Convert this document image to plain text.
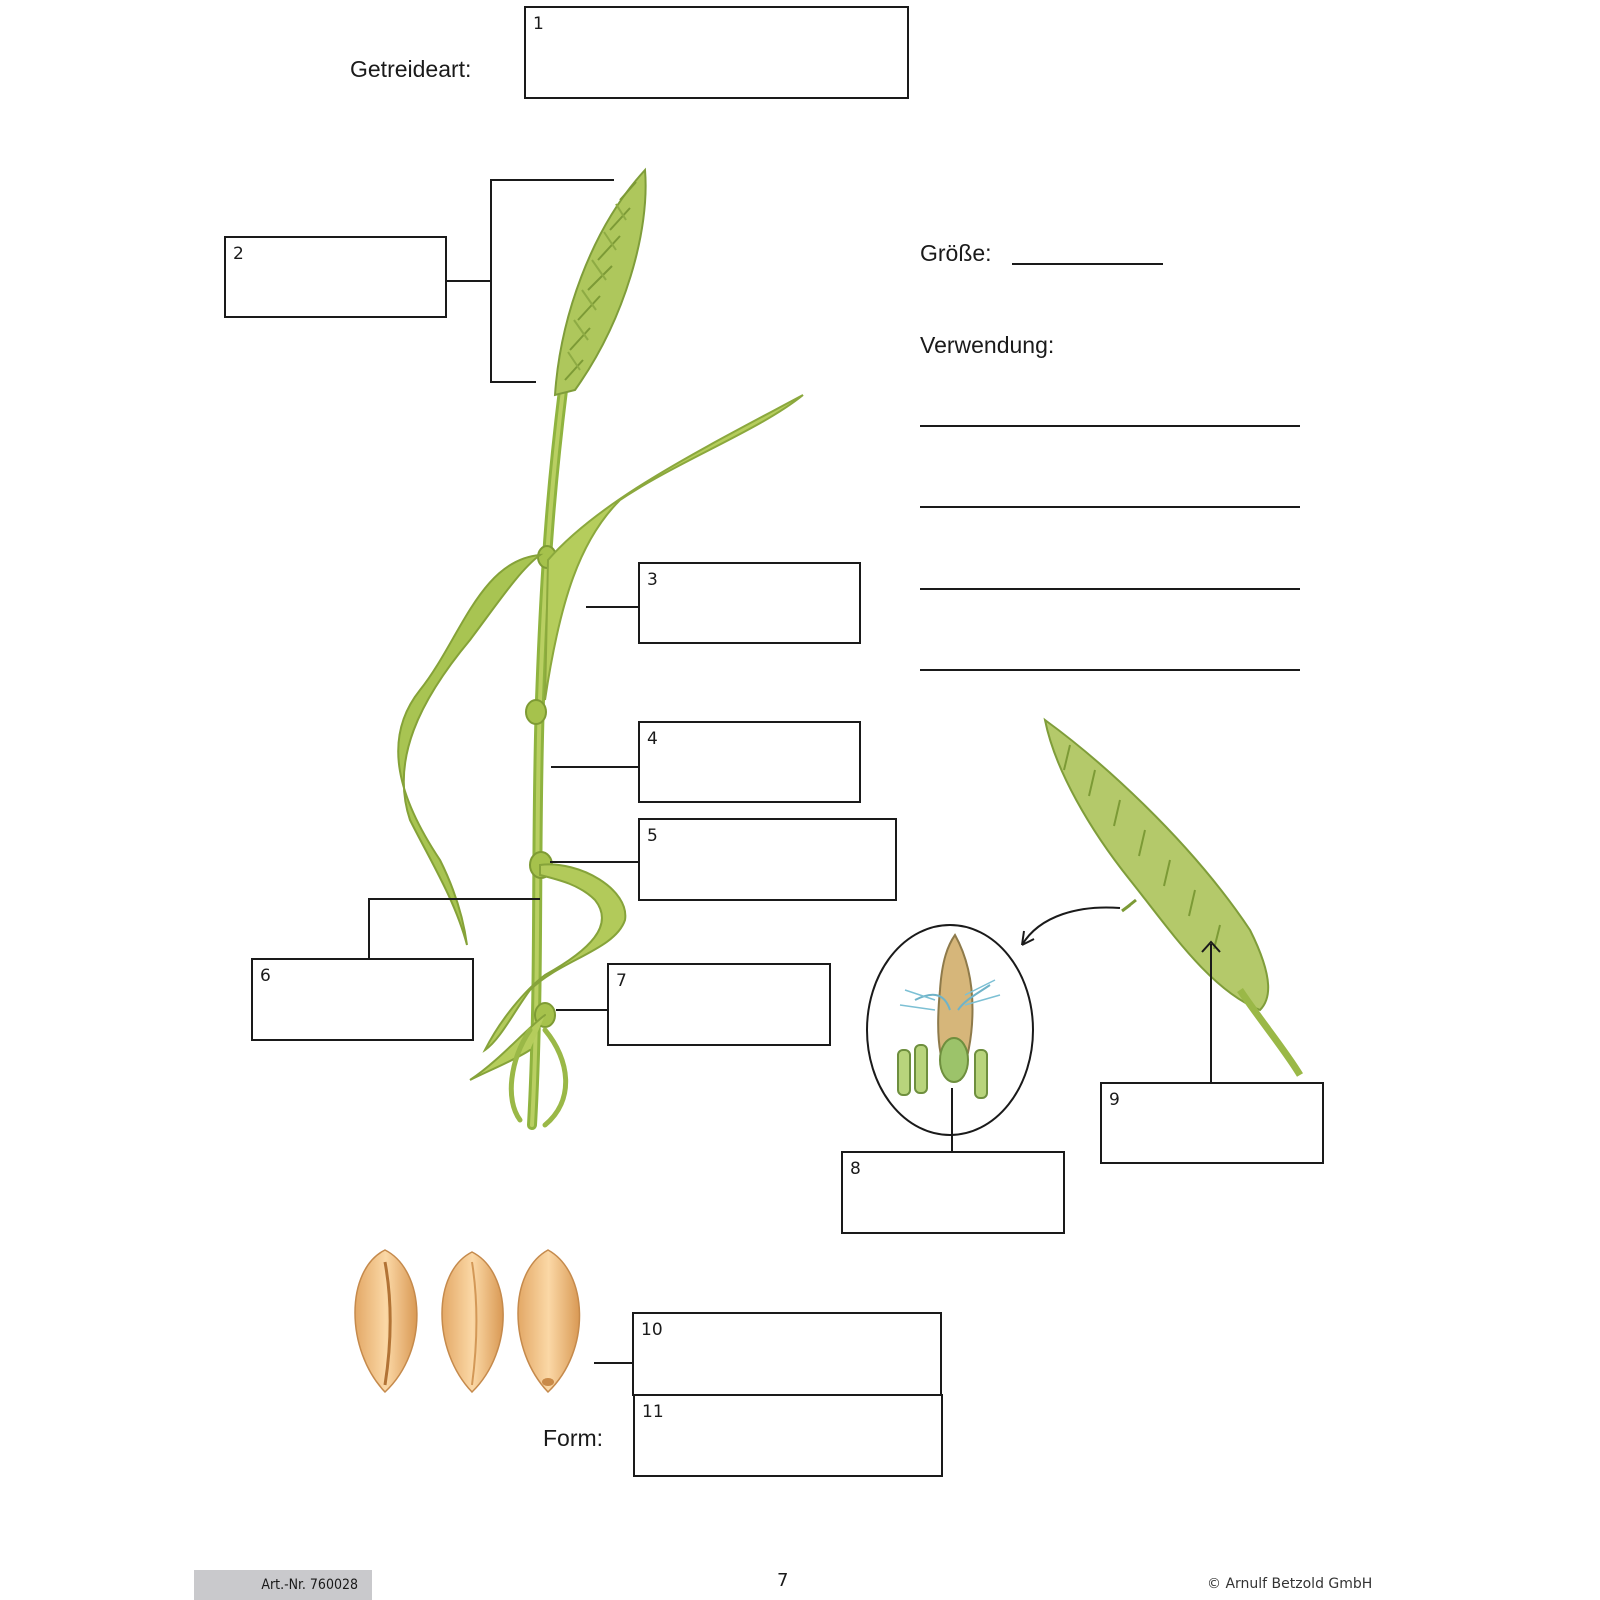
Getreideart:
Größe:
Verwendung:
Form:
1
2
3
4
5
6	7
8
9
10
11
Art.-Nr. 760028	7	© Arnulf Betzold GmbH
